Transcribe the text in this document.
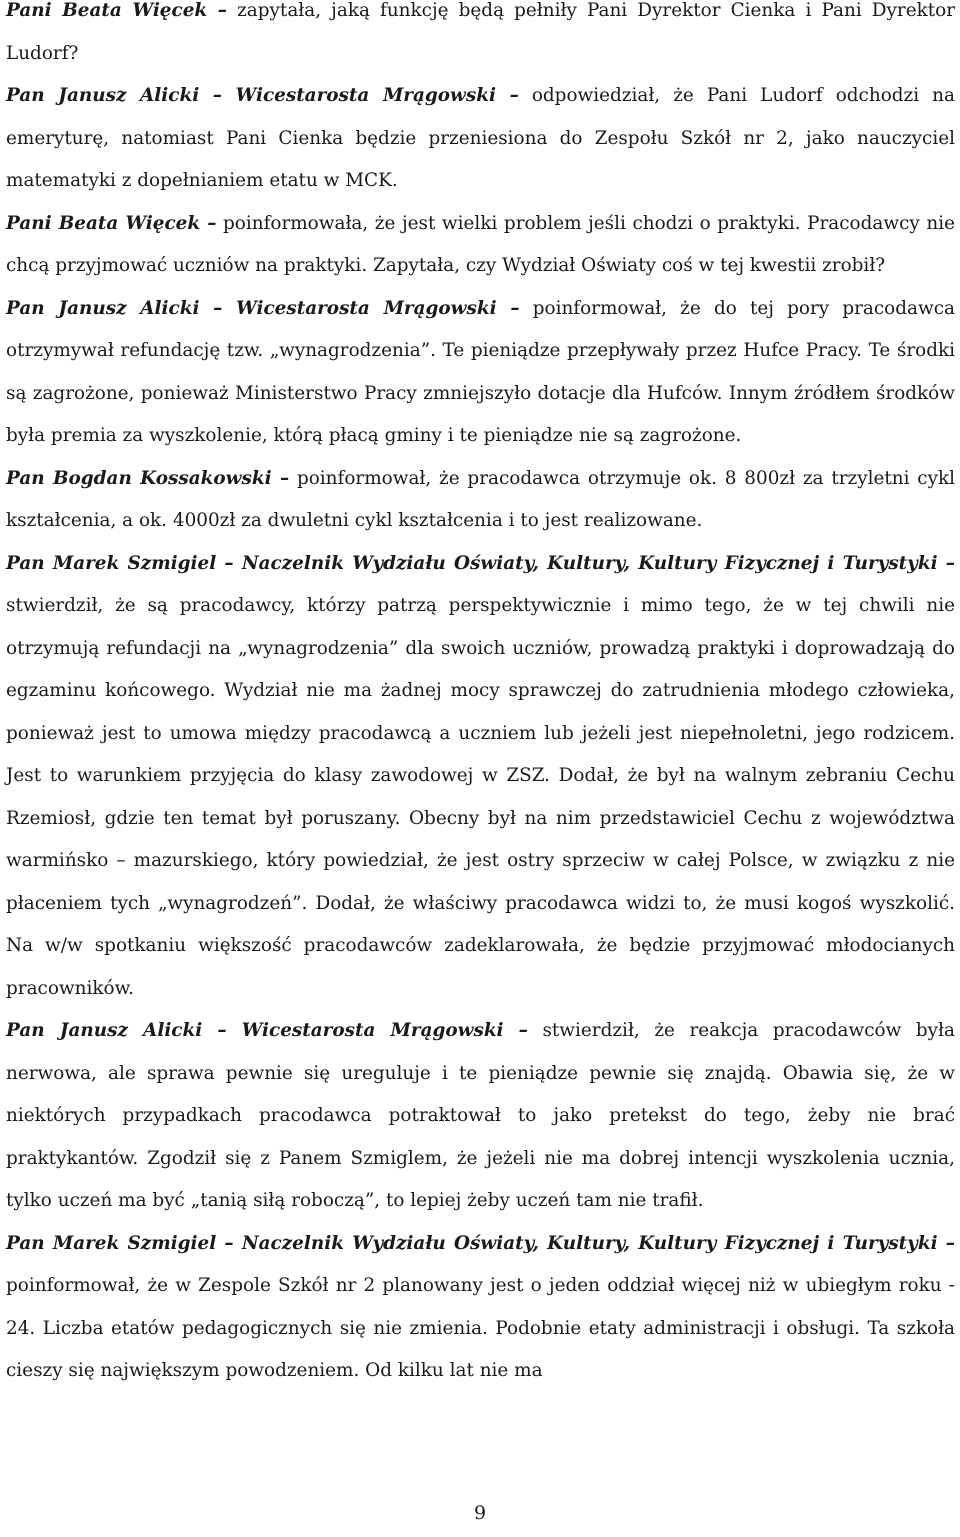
Pani Beata Więcek – zapytała, jaką funkcję będą pełniły Pani Dyrektor Cienka i Pani Dyrektor Ludorf?

Pan Janusz Alicki – Wicestarosta Mrągowski – odpowiedział, że Pani Ludorf odchodzi na emeryturę, natomiast Pani Cienka będzie przeniesiona do Zespołu Szkół nr 2, jako nauczyciel matematyki z dopełnianiem etatu w MCK.

Pani Beata Więcek – poinformowała, że jest wielki problem jeśli chodzi o praktyki. Pracodawcy nie chcą przyjmować uczniów na praktyki. Zapytała, czy Wydział Oświaty coś w tej kwestii zrobił?

Pan Janusz Alicki – Wicestarosta Mrągowski – poinformował, że do tej pory pracodawca otrzymywał refundację tzw. „wynagrodzenia”. Te pieniądze przepływały przez Hufce Pracy. Te środki są zagrożone, ponieważ Ministerstwo Pracy zmniejszyło dotacje dla Hufców. Innym źródłem środków była premia za wyszkolenie, którą płacą gminy i te pieniądze nie są zagrożone.

Pan Bogdan Kossakowski – poinformował, że pracodawca otrzymuje ok. 8 800zł za trzyletni cykl kształcenia, a ok. 4000zł za dwuletni cykl kształcenia i to jest realizowane.

Pan Marek Szmigiel – Naczelnik Wydziału Oświaty, Kultury, Kultury Fizycznej i Turystyki – stwierdził, że są pracodawcy, którzy patrzą perspektywicznie i mimo tego, że w tej chwili nie otrzymują refundacji na „wynagrodzenia” dla swoich uczniów, prowadzą praktyki i doprowadzają do egzaminu końcowego. Wydział nie ma żadnej mocy sprawczej do zatrudnienia młodego człowieka, ponieważ jest to umowa między pracodawcą a uczniem lub jeżeli jest niepełnoletni, jego rodzicem. Jest to warunkiem przyjęcia do klasy zawodowej w ZSZ. Dodał, że był na walnym zebraniu Cechu Rzemiosł, gdzie ten temat był poruszany. Obecny był na nim przedstawiciel Cechu z województwa warmińsko – mazurskiego, który powiedział, że jest ostry sprzeciw w całej Polsce, w związku z nie płaceniem tych „wynagrodzeń”. Dodał, że właściwy pracodawca widzi to, że musi kogoś wyszkolić. Na w/w spotkaniu większość pracodawców zadeklarowała, że będzie przyjmować młodocianych pracowników.

Pan Janusz Alicki – Wicestarosta Mrągowski – stwierdził, że reakcja pracodawców była nerwowa, ale sprawa pewnie się ureguluje i te pieniądze pewnie się znajdą. Obawia się, że w niektórych przypadkach pracodawca potraktował to jako pretekst do tego, żeby nie brać praktykantów. Zgodził się z Panem Szmiglem, że jeżeli nie ma dobrej intencji wyszkolenia ucznia, tylko uczeń ma być „tanią siłą roboczą”, to lepiej żeby uczeń tam nie trafił.

Pan Marek Szmigiel – Naczelnik Wydziału Oświaty, Kultury, Kultury Fizycznej i Turystyki – poinformował, że w Zespole Szkół nr 2 planowany jest o jeden oddział więcej niż w ubiegłym roku - 24. Liczba etatów pedagogicznych się nie zmienia. Podobnie etaty administracji i obsługi. Ta szkoła cieszy się największym powodzeniem. Od kilku lat nie ma

9
